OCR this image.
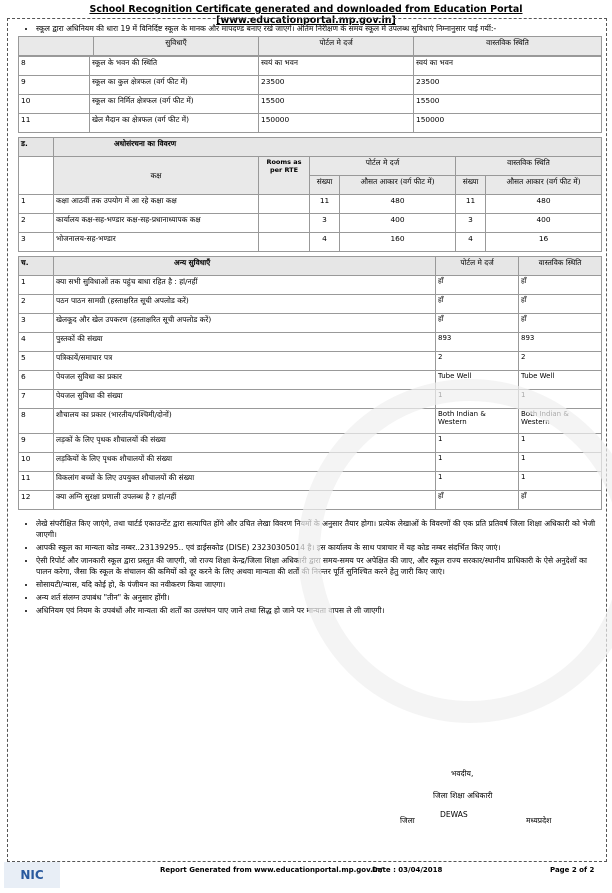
School Recognition Certificate generated and downloaded from Education Portal [www.educationportal.mp.gov.in]
• स्कूल द्वारा अधिनियम की धारा 19 में विनिर्दिष्ट स्कूल के मानक और मापदण्ड बनाए रखे जाएगें। अंतिम निरीक्षण के समय स्कूल में उपलब्ध सुविधाएं निम्नानुसार पाई गयीं:-
	सुविधाएँ	पोर्टल मे दर्ज	वास्तविक स्थिति
8	स्कूल के भवन की स्थिति	स्वयं का भवन	स्वयं का भवन
9	स्कूल का कुल क्षेत्रफल (वर्ग फीट में)	23500	23500
10	स्कूल का निर्मित क्षेत्रफल (वर्ग फीट में)	15500	15500
11	खेल मैदान का क्षेत्रफल (वर्ग फीट में)	150000	150000
ड.	अधोसंरचना का विवरण					
	कक्ष	Rooms as per RTE	पोर्टल मे दर्ज		वास्तविक स्थिति	
			संख्या	औसत आकार (वर्ग फीट में)	संख्या	औसत आकार (वर्ग फीट में)
1	कक्षा आठवीं तक उपयोग में आ रहे कक्षा कक्ष		11	480	11	480
2	कार्यालय कक्ष-सह-भण्डार कक्ष-सह-प्रधानाध्यापक कक्ष		3	400	3	400
3	भोजनालय-सह-भण्डार		4	160	4	16
च.	अन्य सुविधाएँ	पोर्टल मे दर्ज	वास्तविक स्थिति
1	क्या सभी सुविधाओं तक पहुंच बाधा रहित है : हां/नहीं	हाँ	हाँ
2	पठन पाठन सामग्री (हस्ताक्षरित सूची अपलोड करें)	हाँ	हाँ
3	खेलकूद और खेल उपकरण (हस्ताक्षरित सूची अपलोड करें)	हाँ	हाँ
4	पुस्तकों की संख्या	893	893
5	पत्रिकायें/समाचार पत्र	2	2
6	पेयजल सुविधा का प्रकार	Tube Well	Tube Well
7	पेयजल सुविधा की संख्या	1	1
8	शौचालय का प्रकार (भारतीय/पश्चिमी/दोनों)	Both Indian & Western	Both Indian & Western
9	लड़कों के लिए पृथक शौचालयों की संख्या	1	1
10	लड़कियों के लिए पृथक शौचालयों की संख्या	1	1
11	विकलांग बच्चों के लिए उपयुक्त शौचालयों की संख्या	1	1
12	क्या अग्नि सुरक्षा प्रणाली उपलब्ध है ? हां/नहीं	हाँ	हाँ
• लेखे संपरीक्षित किए जाएंगे, तथा चार्टर्ड एकाउन्टेंट द्वारा सत्यापित होंगे और उचित लेखा विवरण नियमों के अनुसार तैयार होगा। प्रत्येक लेखाओं के विवरणों की एक प्रति प्रतिवर्ष जिला शिक्षा अधिकारी को भेजी जाएगी।
• आपकी स्कूल का मान्यता कोड नम्बर..23139295.. एवं डाईसकोड (DISE) 23230305014 है। इस कार्यालय के साथ पत्राचार में यह कोड नम्बर संदर्भित किए जाएं।
• ऐसी रिपोर्ट और जानकारी स्कूल द्वारा प्रस्तुत की जाएगी, जो राज्य शिक्षा केन्द्र/जिला शिक्षा अधिकारी द्वारा समय-समय पर अपेक्षित की जाए, और स्कूल राज्य सरकार/स्थानीय प्राधिकारी के ऐसे अनुदेशों का पालन करेगा, जैसा कि स्कूल के संचालन की कमियों को दूर करने के लिए अथवा मान्यता की शर्तों की निरन्तर पूर्ति सुनिश्चित करने हेतु जारी किए जाएं।
• सोसायटी/न्यास, यदि कोई हो, के पंजीयन का नवीकरण किया जाएगा।
• अन्य शर्त संलग्न उपाबंध "तीन" के अनुसार होंगी।
• अधिनियम एवं नियम के उपबंधों और मान्यता की शर्तों का उल्लंघन पाए जाने तथा सिद्ध हो जाने पर मान्यता वापस ले ली जाएगी।
भवदीय,
जिला शिक्षा अधिकारी
जिला
DEWAS
मध्यप्रदेश
NIC	Report Generated from www.educationportal.mp.gov.in/
Date : 03/04/2018	Page 2 of 2
